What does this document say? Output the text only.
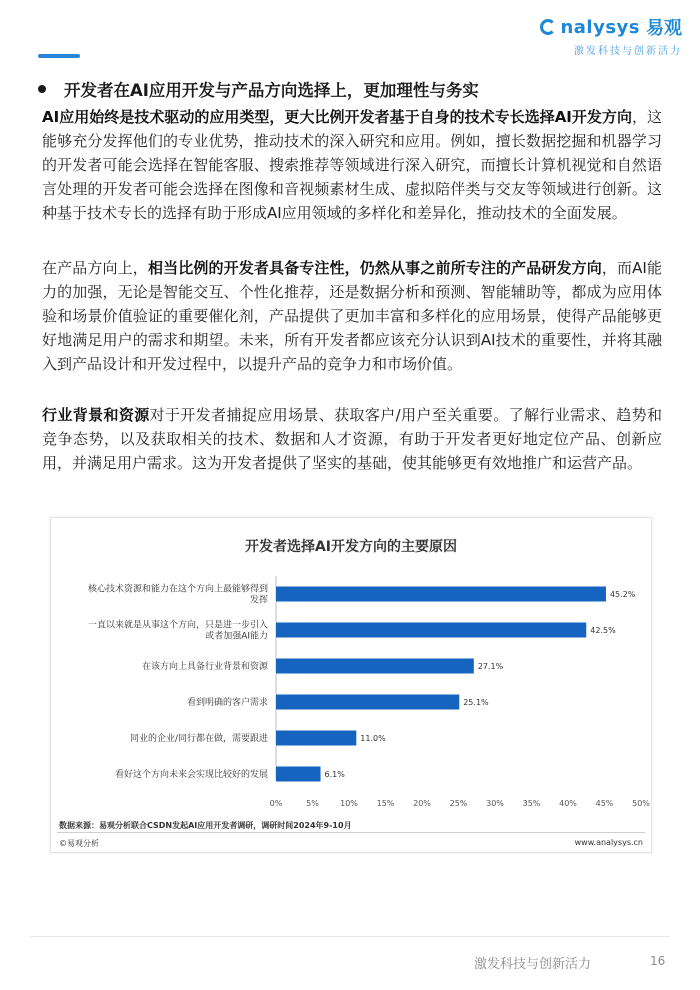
nalysys 易观
激发科技与创新活力
开发者在AI应用开发与产品方向选择上，更加理性与务实

AI应用始终是技术驱动的应用类型，更大比例开发者基于自身的技术专长选择AI开发方向，这能够充分发挥他们的专业优势，推动技术的深入研究和应用。例如，擅长数据挖掘和机器学习的开发者可能会选择在智能客服、搜索推荐等领域进行深入研究，而擅长计算机视觉和自然语言处理的开发者可能会选择在图像和音视频素材生成、虚拟陪伴类与交友等领域进行创新。这种基于技术专长的选择有助于形成AI应用领域的多样化和差异化，推动技术的全面发展。

在产品方向上，相当比例的开发者具备专注性，仍然从事之前所专注的产品研发方向，而AI能力的加强，无论是智能交互、个性化推荐，还是数据分析和预测、智能辅助等，都成为应用体验和场景价值验证的重要催化剂，产品提供了更加丰富和多样化的应用场景，使得产品能够更好地满足用户的需求和期望。未来，所有开发者都应该充分认识到AI技术的重要性，并将其融入到产品设计和开发过程中，以提升产品的竞争力和市场价值。

行业背景和资源对于开发者捕捉应用场景、获取客户/用户至关重要。了解行业需求、趋势和竞争态势，以及获取相关的技术、数据和人才资源，有助于开发者更好地定位产品、创新应用，并满足用户需求。这为开发者提供了坚实的基础，使其能够更有效地推广和运营产品。

开发者选择AI开发方向的主要原因
45.2%
核心技术资源和能力在这个方向上最能够得到
发挥
42.5%
一直以来就是从事这个方向，只是进一步引入
或者加强AI能力
27.1%
在该方向上具备行业背景和资源
25.1%
看到明确的客户需求
11.0%
同业的企业/同行都在做，需要跟进
6.1%
看好这个方向未来会实现比较好的发展
0%	5%	10% 15% 20% 25% 30% 35% 40% 45% 50%
数据来源：易观分析联合CSDN发起AI应用开发者调研，调研时间2024年9-10月
©易观分析	www.analysys.cn
激发科技与创新活力	16
